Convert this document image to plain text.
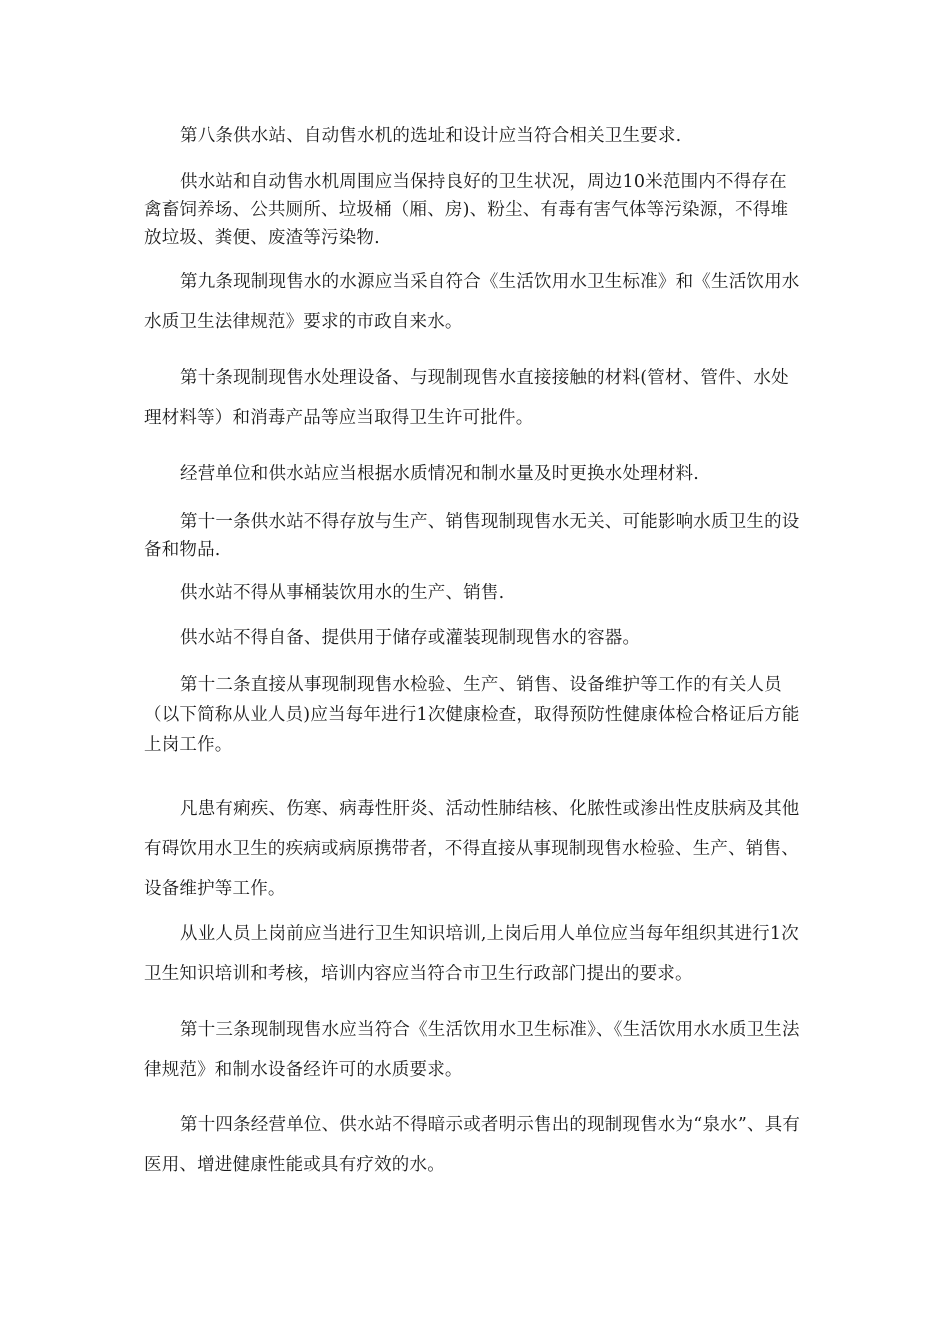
第八条供水站、自动售水机的选址和设计应当符合相关卫生要求.

供水站和自动售水机周围应当保持良好的卫生状况，周边10米范围内不得存在禽畜饲养场、公共厕所、垃圾桶（厢、房)、粉尘、有毒有害气体等污染源，不得堆放垃圾、粪便、废渣等污染物.

第九条现制现售水的水源应当采自符合《生活饮用水卫生标准》和《生活饮用水水质卫生法律规范》要求的市政自来水。

第十条现制现售水处理设备、与现制现售水直接接触的材料(管材、管件、水处理材料等）和消毒产品等应当取得卫生许可批件。

经营单位和供水站应当根据水质情况和制水量及时更换水处理材料.

第十一条供水站不得存放与生产、销售现制现售水无关、可能影响水质卫生的设备和物品.

供水站不得从事桶装饮用水的生产、销售.

供水站不得自备、提供用于储存或灌装现制现售水的容器。

第十二条直接从事现制现售水检验、生产、销售、设备维护等工作的有关人员（以下简称从业人员)应当每年进行1次健康检查，取得预防性健康体检合格证后方能上岗工作。

凡患有痢疾、伤寒、病毒性肝炎、活动性肺结核、化脓性或渗出性皮肤病及其他有碍饮用水卫生的疾病或病原携带者，不得直接从事现制现售水检验、生产、销售、设备维护等工作。

从业人员上岗前应当进行卫生知识培训,上岗后用人单位应当每年组织其进行1次卫生知识培训和考核，培训内容应当符合市卫生行政部门提出的要求。

第十三条现制现售水应当符合《生活饮用水卫生标准》、《生活饮用水水质卫生法律规范》和制水设备经许可的水质要求。

第十四条经营单位、供水站不得暗示或者明示售出的现制现售水为“泉水”、具有医用、增进健康性能或具有疗效的水。
